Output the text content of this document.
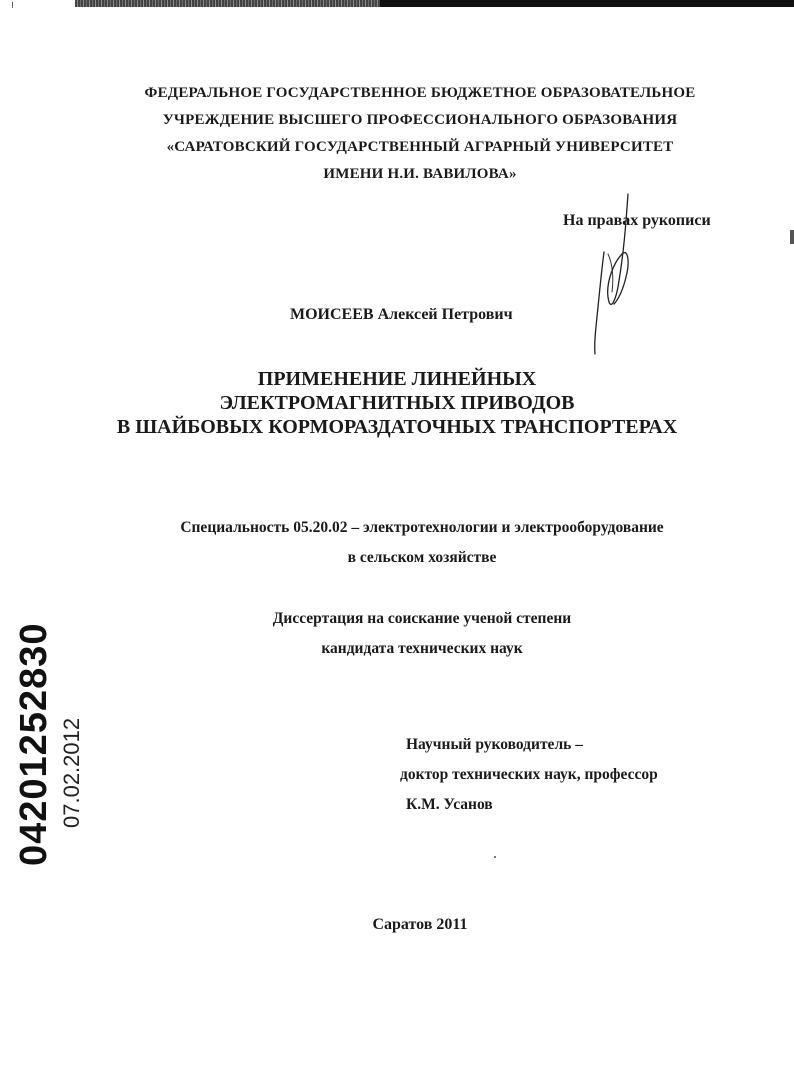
ФЕДЕРАЛЬНОЕ ГОСУДАРСТВЕННОЕ БЮДЖЕТНОЕ ОБРАЗОВАТЕЛЬНОЕ
УЧРЕЖДЕНИЕ ВЫСШЕГО ПРОФЕССИОНАЛЬНОГО ОБРАЗОВАНИЯ
«САРАТОВСКИЙ ГОСУДАРСТВЕННЫЙ АГРАРНЫЙ УНИВЕРСИТЕТ
ИМЕНИ Н.И. ВАВИЛОВА»
На правах рукописи
МОИСЕЕВ Алексей Петрович
ПРИМЕНЕНИЕ ЛИНЕЙНЫХ
ЭЛЕКТРОМАГНИТНЫХ ПРИВОДОВ
В ШАЙБОВЫХ КОРМОРАЗДАТОЧНЫХ ТРАНСПОРТЕРАХ
Специальность 05.20.02 – электротехнологии и электрооборудование
в сельском хозяйстве
Диссертация на соискание ученой степени
кандидата технических наук
Научный руководитель –
доктор технических наук, профессор
К.М. Усанов
Саратов 2011
04201252830 07.02.2012
